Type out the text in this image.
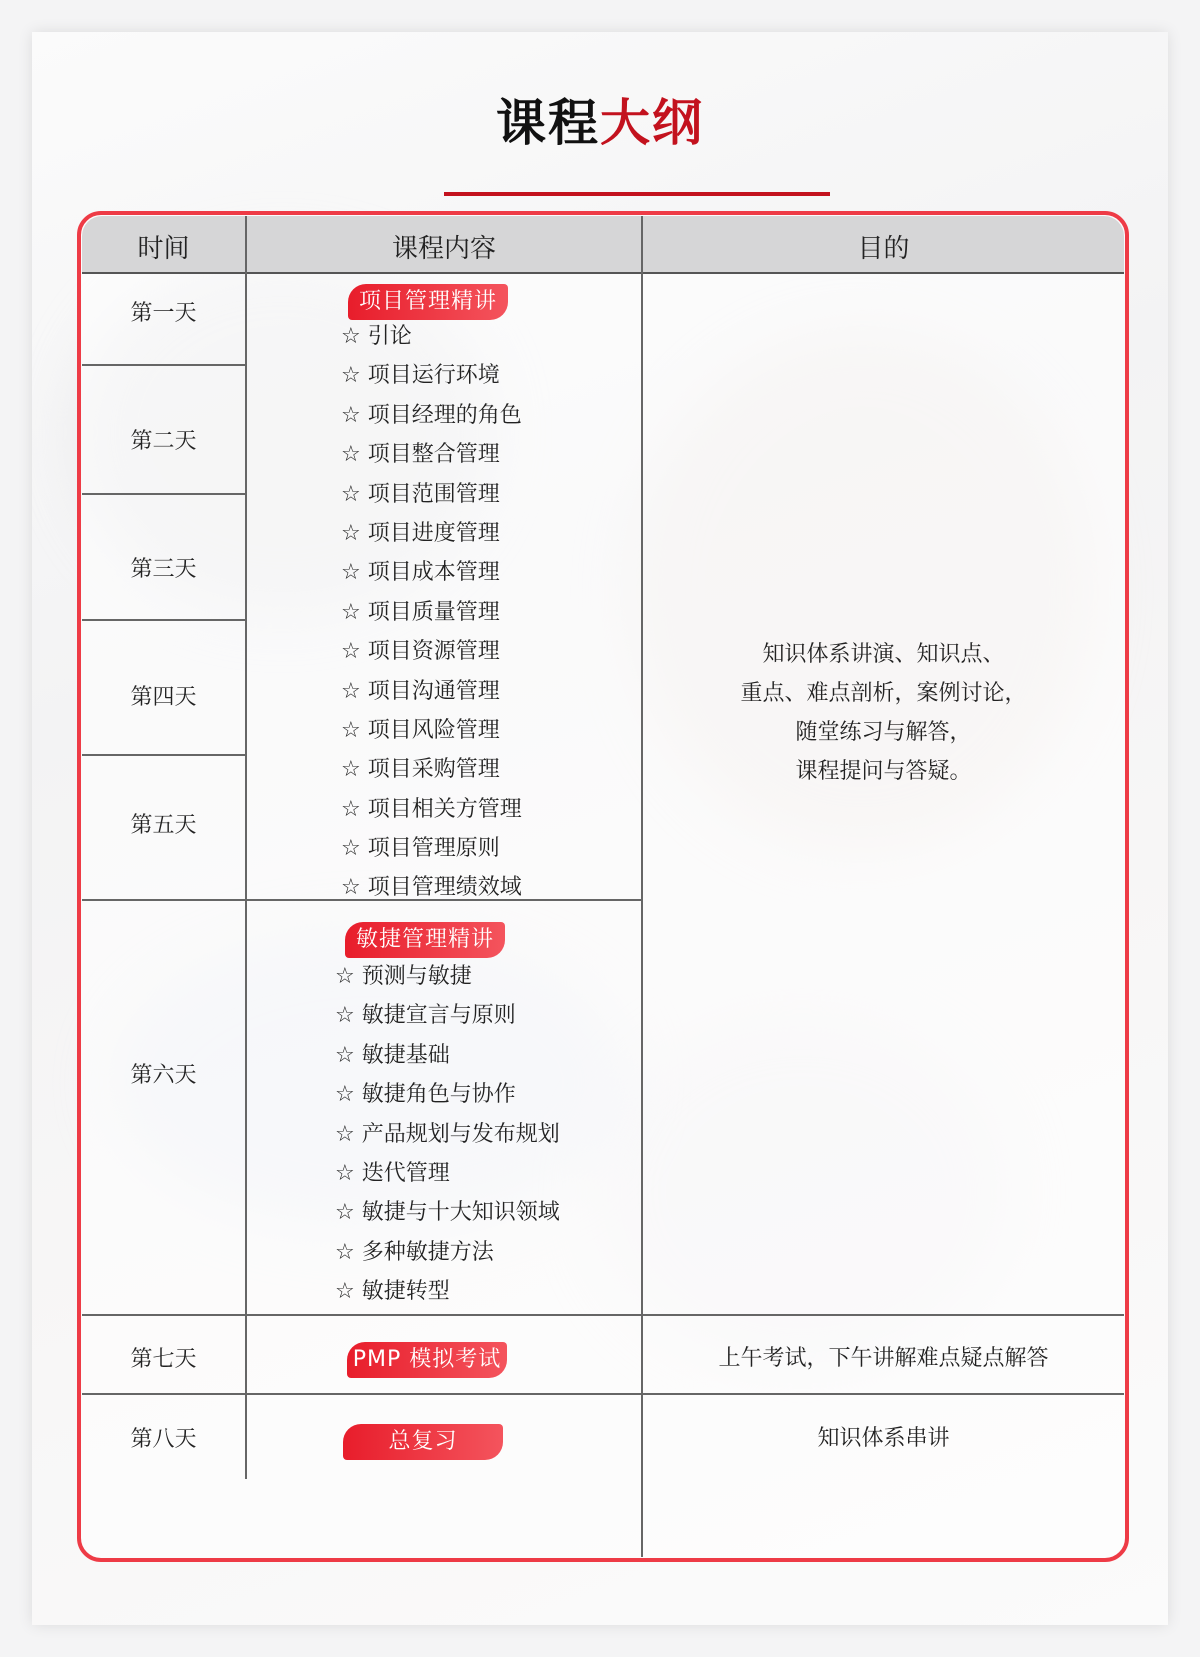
课程大纲
时间	课程内容	目的
第一天
第二天
第三天
第四天
第五天
第六天
第七天
第八天
项目管理精讲
☆ 引论
☆ 项目运行环境
☆ 项目经理的角色
☆ 项目整合管理
☆ 项目范围管理
☆ 项目进度管理
☆ 项目成本管理
☆ 项目质量管理
☆ 项目资源管理
☆ 项目沟通管理
☆ 项目风险管理
☆ 项目采购管理
☆ 项目相关方管理
☆ 项目管理原则
☆ 项目管理绩效域
敏捷管理精讲
☆ 预测与敏捷
☆ 敏捷宣言与原则
☆ 敏捷基础
☆ 敏捷角色与协作
☆ 产品规划与发布规划
☆ 迭代管理
☆ 敏捷与十大知识领域
☆ 多种敏捷方法
☆ 敏捷转型
PMP 模拟考试
总复习
知识体系讲演、知识点、
重点、难点剖析，案例讨论，
随堂练习与解答，
课程提问与答疑。
上午考试，下午讲解难点疑点解答
知识体系串讲
